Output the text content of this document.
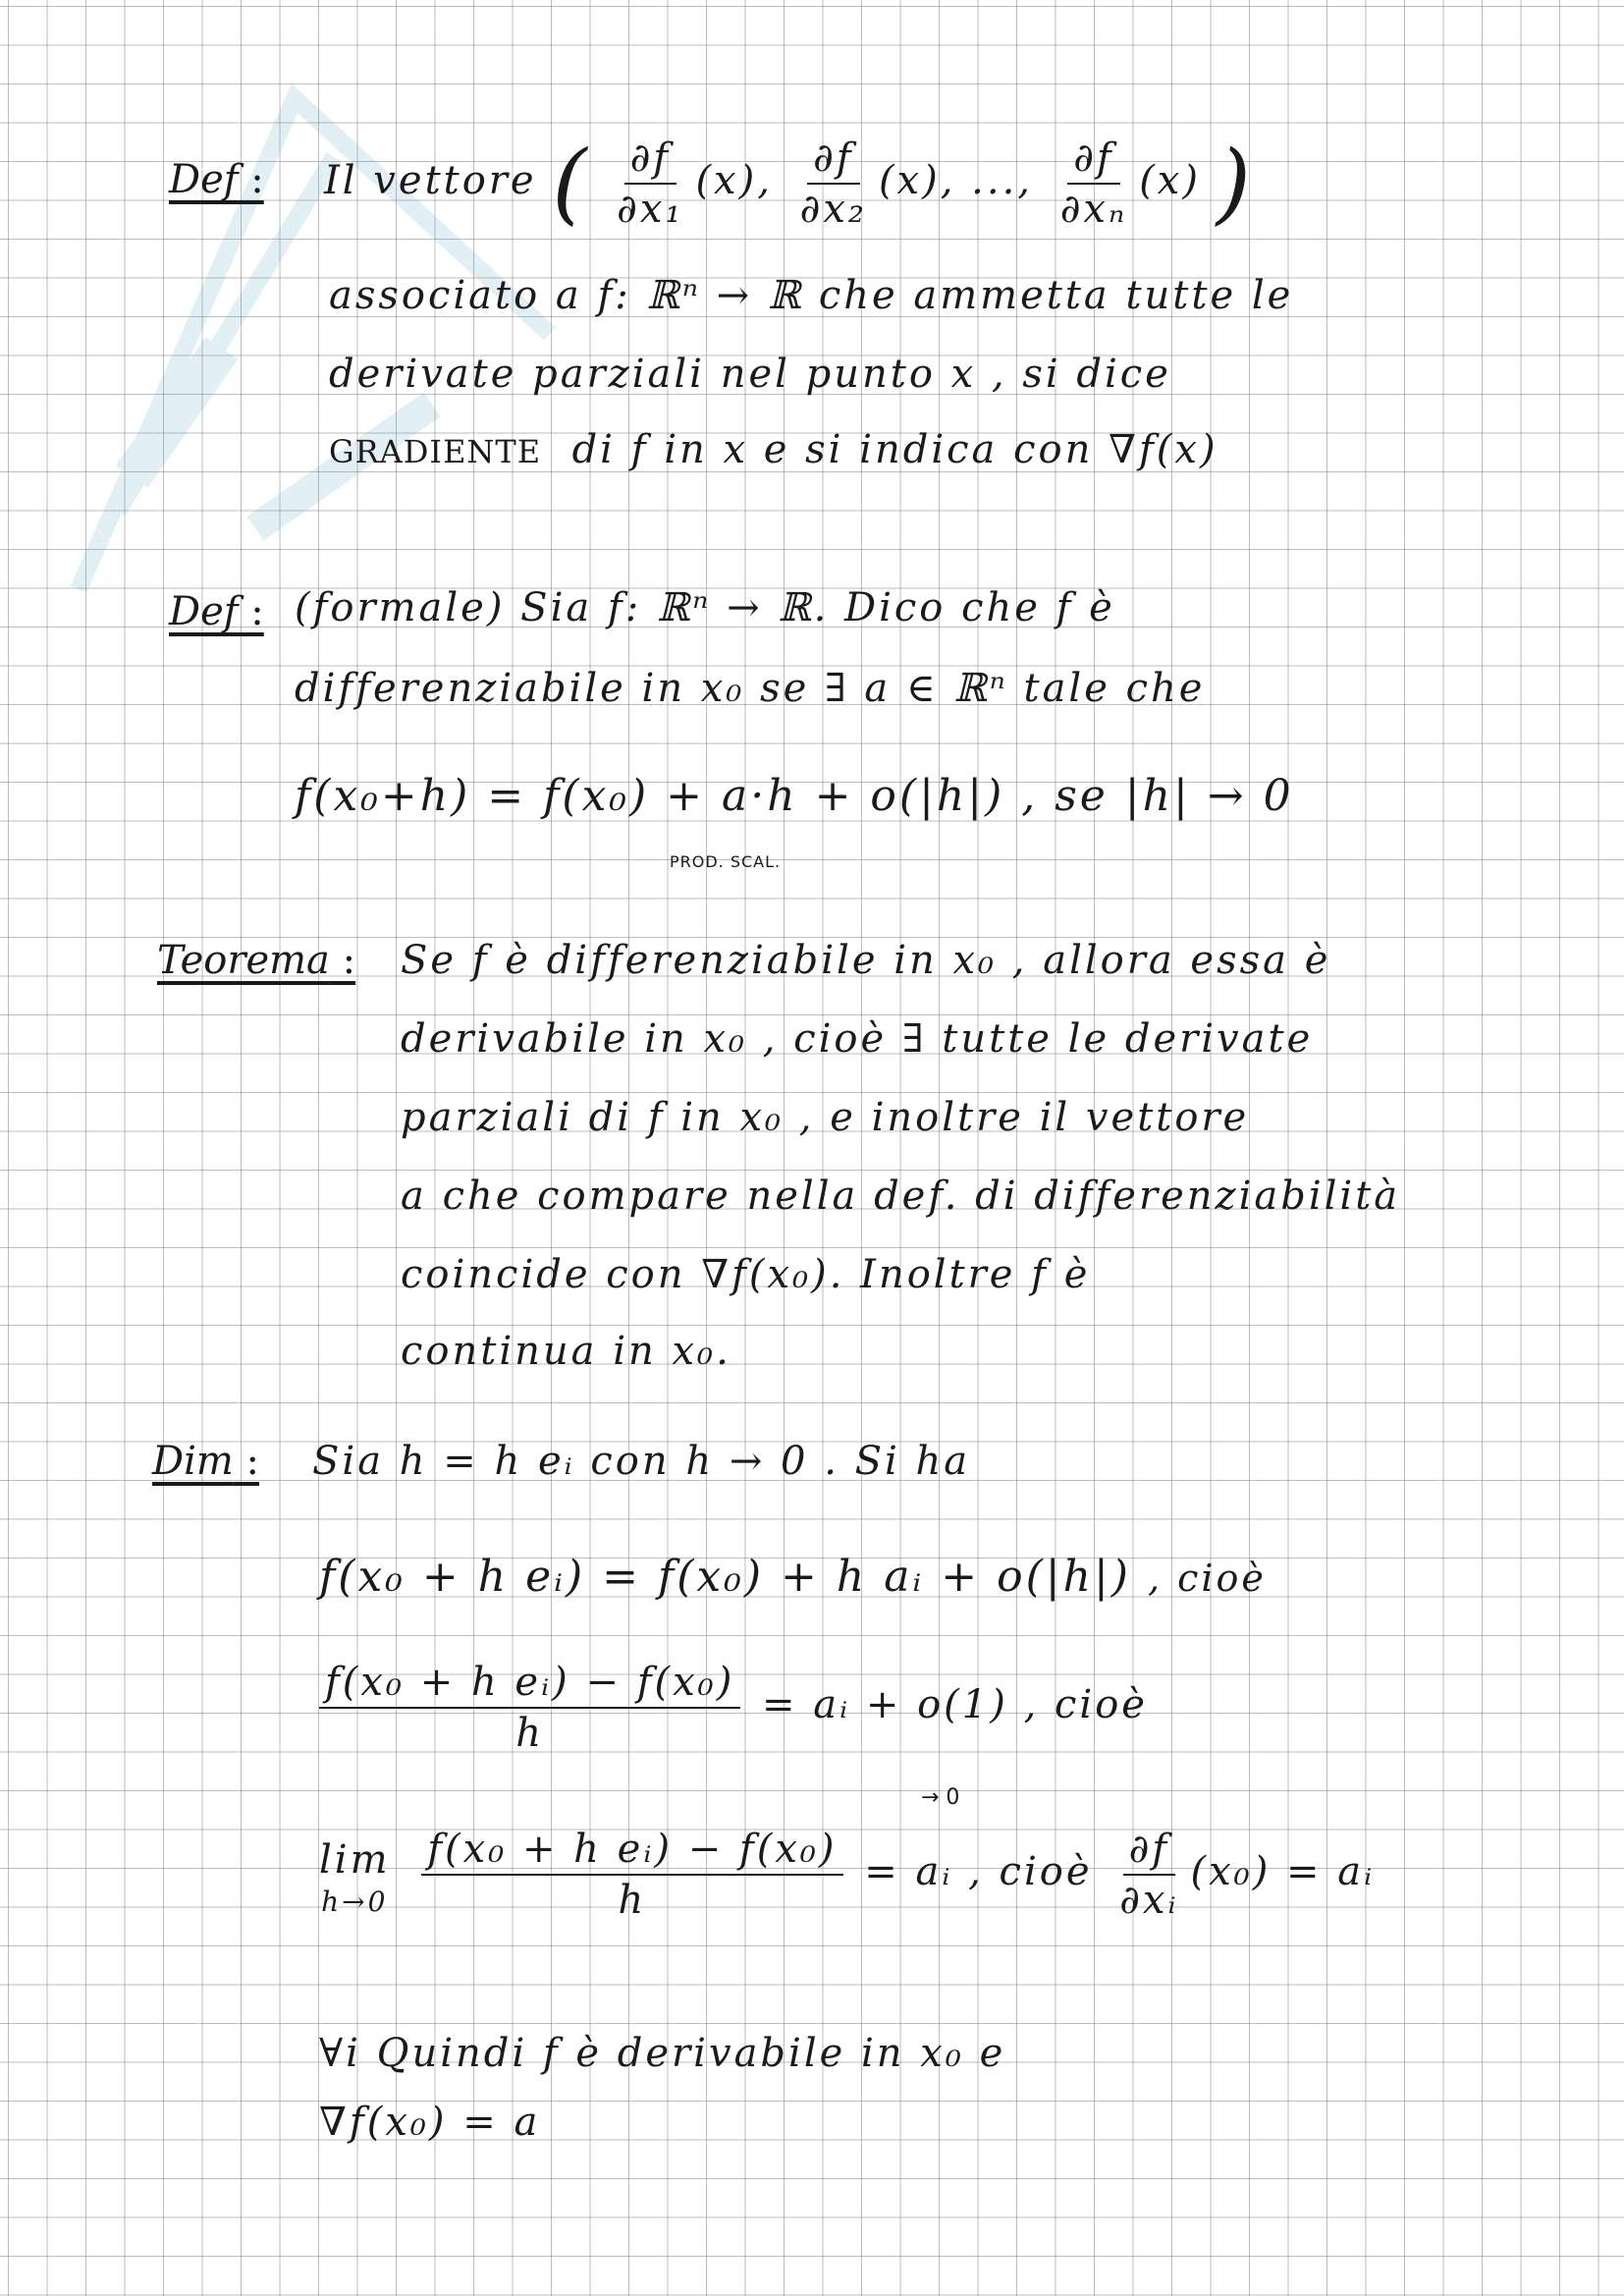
Def : Il vettore ( $\frac{\partial f}{\text{∂x₁}} (x)$, $\frac{\partial f}{\text{∂x₂}} (x)$, ..., $\frac{\partial f}{\text{∂xₙ}} (x)$ )
associato a f: ℝⁿ → ℝ che ammetta tutte le
derivate parziali nel punto x , si dice
GRADIENTE di f in x e si indica con ∇f(x)
Def : (formale) Sia f: ℝⁿ → ℝ. Dico che f è
differenziabile in x₀ se ∃ a ∈ ℝⁿ tale che
f(x₀+h) = f(x₀) + a·h + o(|h|) , se |h| → 0
PROD. SCAL.
Teorema : Se f è differenziabile in x₀ , allora essa è
derivabile in x₀ , cioè ∃ tutte le derivate
parziali di f in x₀ , e inoltre il vettore
a che compare nella def. di differenziabilità
coincide con ∇f(x₀). Inoltre f è
continua in x₀.
Dim : Sia h = h eᵢ con h → 0 . Si ha
f(x₀ + h eᵢ) = f(x₀) + h aᵢ + o(|h|) , cioè
$\frac{\text{f(x₀ + h eᵢ) − f(x₀)}}{h}$ = aᵢ + o(1) , cioè
→ 0
lim
h→0
$\frac{\text{f(x₀ + h eᵢ) − f(x₀)}}{h}$ = aᵢ , cioè $\frac{\partial f}{\text{∂xᵢ}} (x_0)$ = aᵢ
∀i Quindi f è derivabile in x₀ e
∇f(x₀) = a
